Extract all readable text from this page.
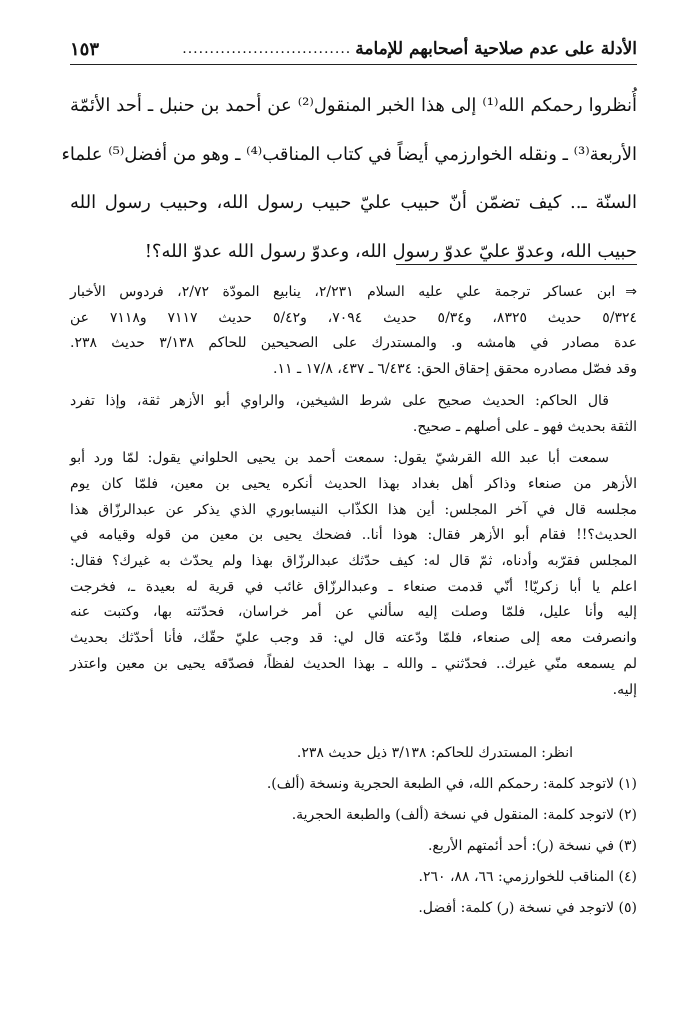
الأدلة على عدم صلاحية أصحابهم للإمامة
...............................
١٥٣
أُنظروا رحمكم الله⁽¹⁾ إلى هذا الخبر المنقول⁽²⁾ عن أحمد بن حنبل ـ أحد الأئمّة
الأربعة⁽³⁾ ـ ونقله الخوارزمي أيضاً في كتاب المناقب⁽⁴⁾ ـ وهو من أفضل⁽⁵⁾ علماء
السنّة ـ.. كيف تضمّن أنّ حبيب عليّ حبيب رسول الله، وحبيب رسول الله
حبيب الله، وعدوّ عليّ عدوّ رسول الله، وعدوّ رسول الله عدوّ الله؟!
⇒ابن عساكر ترجمة علي عليه السلام ٢/٢٣١، ينابيع المودّة ٢/٧٢، فردوس الأخبار
٥/٣٢٤ حديث ٨٣٢٥، و٥/٣٤ حديث ٧٠٩٤، و٥/٤٢ حديث ٧١١٧ و٧١١٨ عن
عدة مصادر في هامشه و. والمستدرك على الصحيحين للحاكم ٣/١٣٨ حديث ٢٣٨.
وقد فصّل مصادره محقق إحقاق الحق: ٦/٤٣٤ ـ ٤٣٧، ١٧/٨ ـ ١١.
قال الحاكم: الحديث صحيح على شرط الشيخين، والراوي أبو الأزهر ثقة، وإذا تفرد
الثقة بحديث فهو ـ على أصلهم ـ صحيح.
سمعت أبا عبد الله القرشيّ يقول: سمعت أحمد بن يحيى الحلواني يقول: لمّا ورد أبو
الأزهر من صنعاء وذاكر أهل بغداد بهذا الحديث أنكره يحيى بن معين، فلمّا كان يوم
مجلسه قال في آخر المجلس: أين هذا الكذّاب النيسابوري الذي يذكر عن عبدالرزّاق هذا
الحديث؟!! فقام أبو الأزهر فقال: هوذا أنا.. فضحك يحيى بن معين من قوله وقيامه في
المجلس فقرّبه وأدناه، ثمّ قال له: كيف حدّثك عبدالرزّاق بهذا ولم يحدّث به غيرك؟ فقال:
اعلم يا أبا زكريّا! أنّي قدمت صنعاء ـ وعبدالرزّاق غائب في قرية له بعيدة ـ، فخرجت
إليه وأنا عليل، فلمّا وصلت إليه سألني عن أمر خراسان، فحدّثته بها، وكتبت عنه
وانصرفت معه إلى صنعاء، فلمّا ودّعته قال لي: قد وجب عليّ حقّك، فأنا أحدّثك بحديث
لم يسمعه منّي غيرك.. فحدّثني ـ والله ـ بهذا الحديث لفظاً، فصدّقه يحيى بن معين واعتذر
إليه.
انظر: المستدرك للحاكم: ٣/١٣٨ ذيل حديث ٢٣٨.
(١) لاتوجد كلمة: رحمكم الله، في الطبعة الحجرية ونسخة (ألف).
(٢) لاتوجد كلمة: المنقول في نسخة (ألف) والطبعة الحجرية.
(٣) في نسخة (ر): أحد أئمتهم الأربع.
(٤) المناقب للخوارزمي: ٦٦، ٨٨، ٢٦٠.
(٥) لاتوجد في نسخة (ر) كلمة: أفضل.
